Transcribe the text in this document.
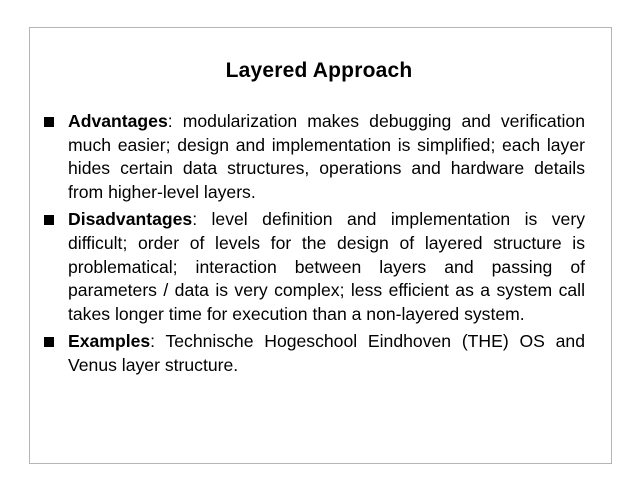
Layered Approach
Advantages: modularization makes debugging and verification much easier; design and implementation is simplified; each layer hides certain data structures, operations and hardware details from higher-level layers.
Disadvantages: level definition and implementation is very difficult; order of levels for the design of layered structure is problematical; interaction between layers and passing of parameters / data is very complex; less efficient as a system call takes longer time for execution than a non-layered system.
Examples: Technische Hogeschool Eindhoven (THE) OS and Venus layer structure.
